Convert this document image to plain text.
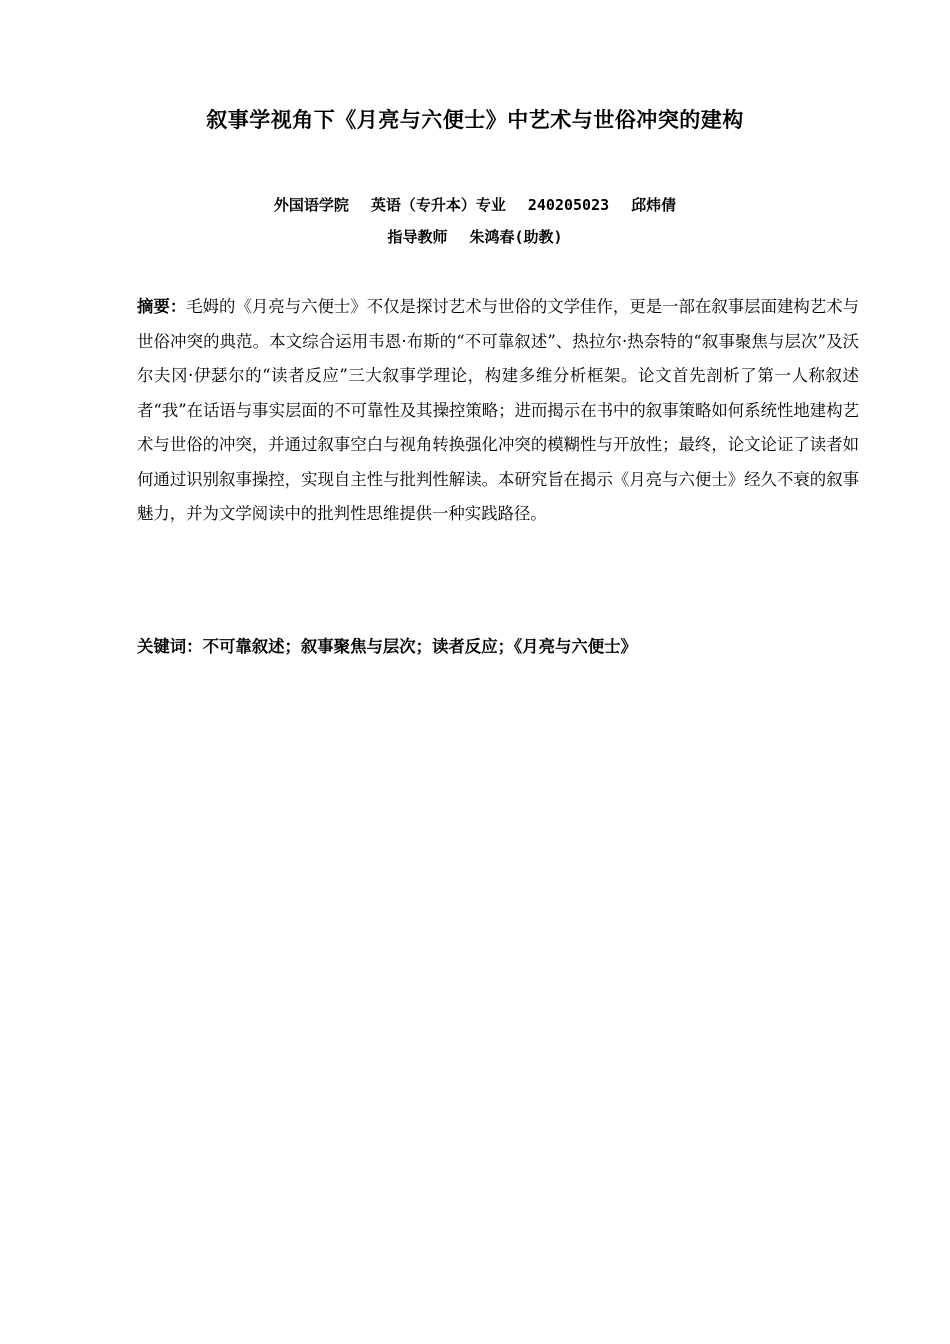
叙事学视角下《月亮与六便士》中艺术与世俗冲突的建构
外国语学院 英语（专升本）专业 240205023 邱炜倩
指导教师 朱鸿春(助教)

摘要：毛姆的《月亮与六便士》不仅是探讨艺术与世俗的文学佳作，更是一部在叙事层面建构艺术与世俗冲突的典范。本文综合运用韦恩·布斯的“不可靠叙述”、热拉尔·热奈特的“叙事聚焦与层次”及沃尔夫冈·伊瑟尔的“读者反应”三大叙事学理论，构建多维分析框架。论文首先剖析了第一人称叙述者“我”在话语与事实层面的不可靠性及其操控策略；进而揭示在书中的叙事策略如何系统性地建构艺术与世俗的冲突，并通过叙事空白与视角转换强化冲突的模糊性与开放性；最终，论文论证了读者如何通过识别叙事操控，实现自主性与批判性解读。本研究旨在揭示《月亮与六便士》经久不衰的叙事魅力，并为文学阅读中的批判性思维提供一种实践路径。

关键词：不可靠叙述；叙事聚焦与层次；读者反应；《月亮与六便士》
